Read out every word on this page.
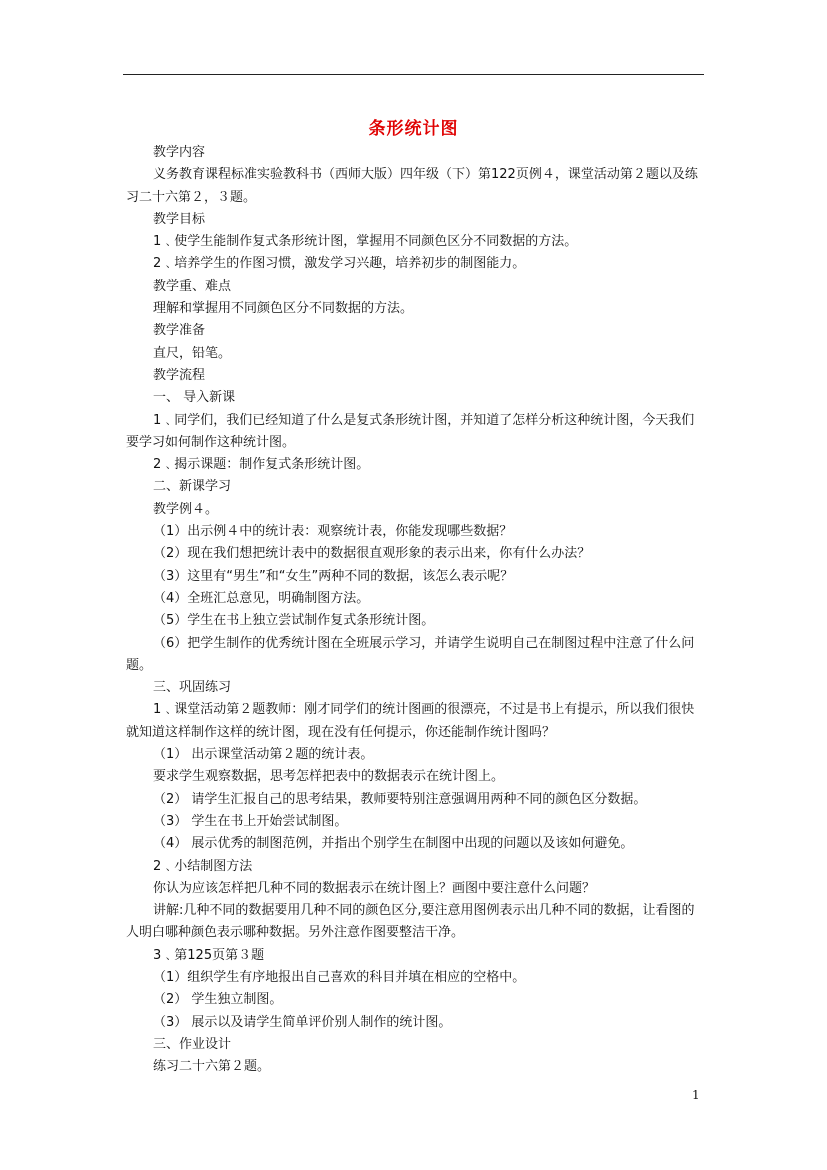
条形统计图

教学内容

义务教育课程标准实验教科书（西师大版）四年级（下）第122页例４，课堂活动第２题以及练习二十六第２，３题。

教学目标

1﹑使学生能制作复式条形统计图，掌握用不同颜色区分不同数据的方法。

2﹑培养学生的作图习惯，激发学习兴趣，培养初步的制图能力。

教学重、难点

理解和掌握用不同颜色区分不同数据的方法。

教学准备

直尺，铅笔。

教学流程

一、 导入新课

1﹑同学们，我们已经知道了什么是复式条形统计图，并知道了怎样分析这种统计图，今天我们要学习如何制作这种统计图。

2﹑揭示课题：制作复式条形统计图。

二、新课学习

教学例４。

（1）出示例４中的统计表：观察统计表，你能发现哪些数据？

（2）现在我们想把统计表中的数据很直观形象的表示出来，你有什么办法？

（3）这里有“男生”和“女生”两种不同的数据，该怎么表示呢？

（4）全班汇总意见，明确制图方法。

（5）学生在书上独立尝试制作复式条形统计图。

（6）把学生制作的优秀统计图在全班展示学习，并请学生说明自己在制图过程中注意了什么问题。

三、巩固练习

1﹑课堂活动第２题教师：刚才同学们的统计图画的很漂亮，不过是书上有提示，所以我们很快就知道这样制作这样的统计图，现在没有任何提示，你还能制作统计图吗？

（1） 出示课堂活动第２题的统计表。

要求学生观察数据，思考怎样把表中的数据表示在统计图上。

（2） 请学生汇报自己的思考结果，教师要特别注意强调用两种不同的颜色区分数据。

（3） 学生在书上开始尝试制图。

（4） 展示优秀的制图范例，并指出个别学生在制图中出现的问题以及该如何避免。

2﹑小结制图方法

你认为应该怎样把几种不同的数据表示在统计图上？画图中要注意什么问题？

讲解:几种不同的数据要用几种不同的颜色区分,要注意用图例表示出几种不同的数据，让看图的人明白哪种颜色表示哪种数据。另外注意作图要整洁干净。

3﹑第125页第３题

（1）组织学生有序地报出自己喜欢的科目并填在相应的空格中。

（2） 学生独立制图。

（3） 展示以及请学生简单评价别人制作的统计图。

三、作业设计

练习二十六第２题。

1
